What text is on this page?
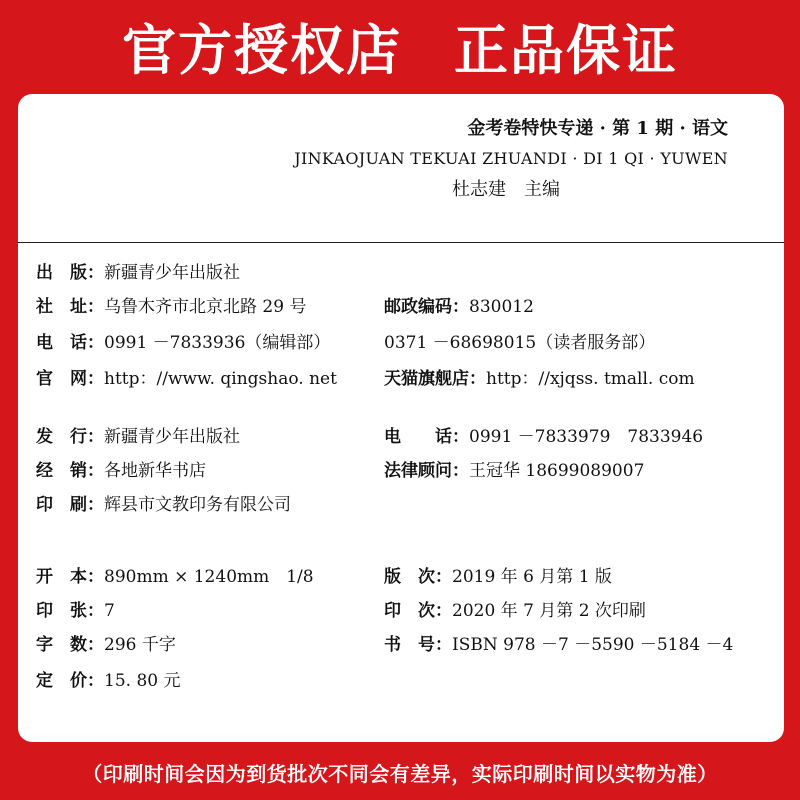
官方授权店 正品保证
金考卷特快专递 · 第 1 期 · 语文
JINKAOJUAN TEKUAI ZHUANDI · DI 1 QI · YUWEN
杜志建　主编
出　版：新疆青少年出版社
社　址：乌鲁木齐市北京北路 29 号
电　话：0991 －7833936（编辑部）
官　网：http：//www. qingshao. net
发　行：新疆青少年出版社
经　销：各地新华书店
印　刷：辉县市文教印务有限公司
开　本：890mm × 1240mm　1/8
印　张：7
字　数：296 千字
定　价：15. 80 元
邮政编码：830012
0371 －68698015（读者服务部）
天猫旗舰店：http：//xjqss. tmall. com
电　　话：0991 －7833979　7833946
法律顾问：王冠华 18699089007
版　次：2019 年 6 月第 1 版
印　次：2020 年 7 月第 2 次印刷
书　号：ISBN 978 －7 －5590 －5184 －4
（印刷时间会因为到货批次不同会有差异，实际印刷时间以实物为准）
